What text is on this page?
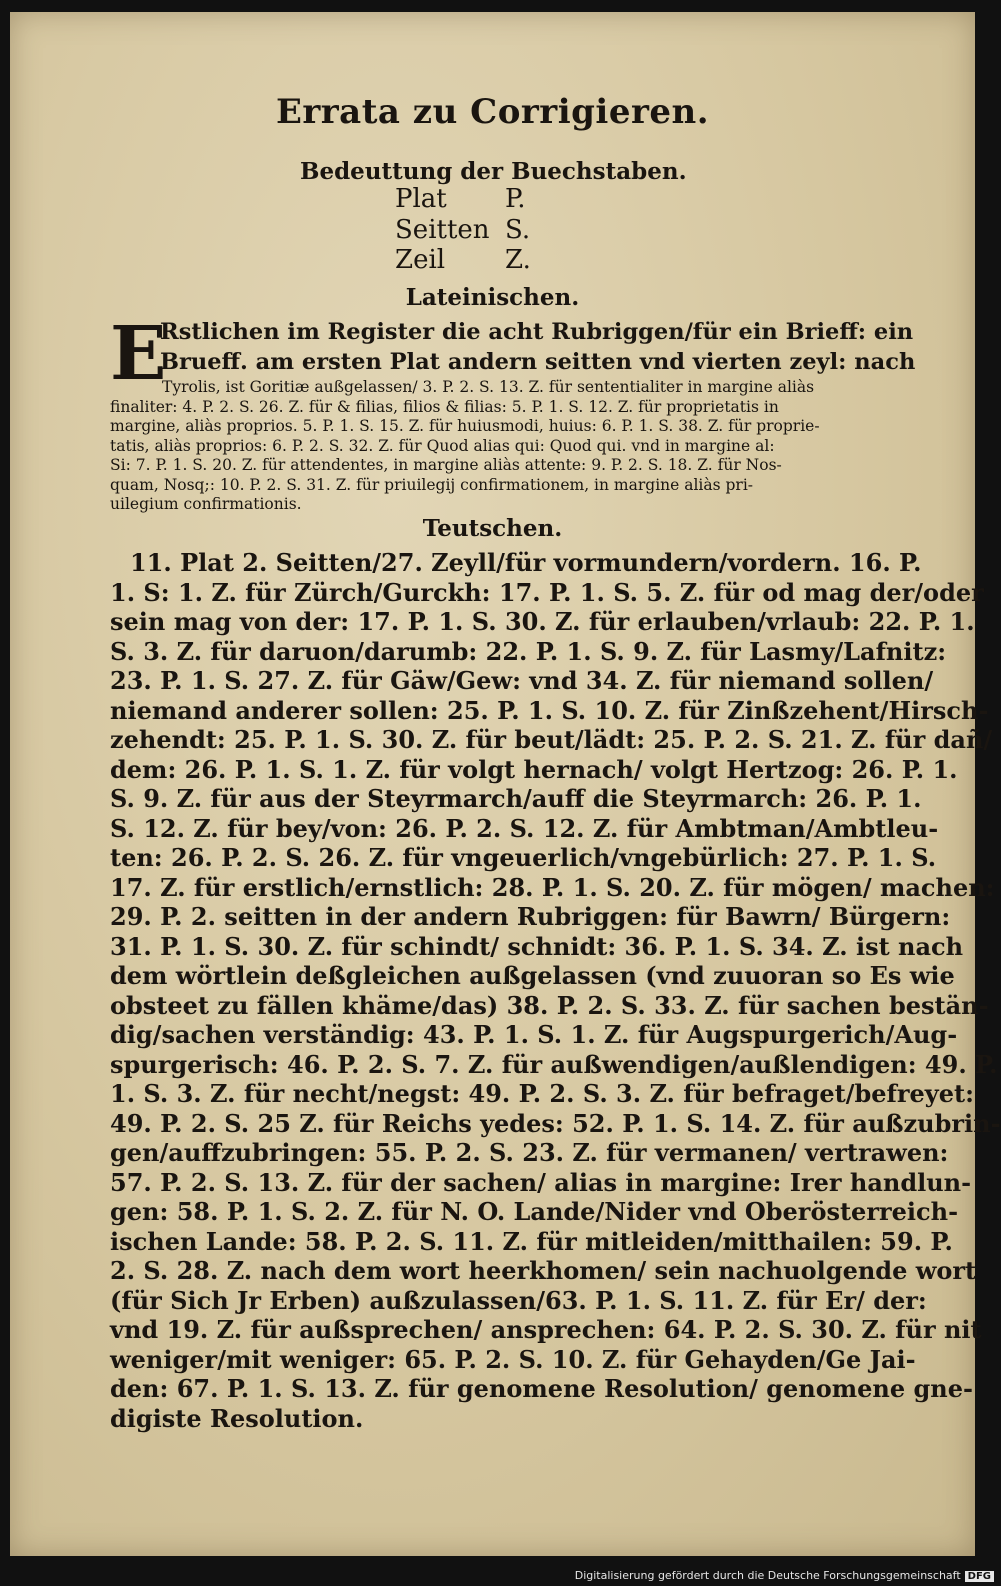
Errata zu Corrigieren.
Bedeuttung der Buechstaben.
Plat P.
Seitten S.
Zeil Z.
Lateinischen.
E
Rstlichen im Register die acht Rubriggen/für ein Brieff: ein
Brueff. am ersten Plat andern seitten vnd vierten zeyl: nach
Tyrolis, ist Goritiæ außgelassen/ 3. P. 2. S. 13. Z. für sententialiter in margine aliàs
finaliter: 4. P. 2. S. 26. Z. für & filias, filios & filias: 5. P. 1. S. 12. Z. für proprietatis in
margine, aliàs proprios. 5. P. 1. S. 15. Z. für huiusmodi, huius: 6. P. 1. S. 38. Z. für proprie-
tatis, aliàs proprios: 6. P. 2. S. 32. Z. für Quod alias qui: Quod qui. vnd in margine al:
Si: 7. P. 1. S. 20. Z. für attendentes, in margine aliàs attente: 9. P. 2. S. 18. Z. für Nos-
quam, Nosq;: 10. P. 2. S. 31. Z. für priuilegij confirmationem, in margine aliàs pri-
uilegium confirmationis.
Teutschen.
11. Plat 2. Seitten/27. Zeyll/für vormundern/vordern. 16. P.
1. S: 1. Z. für Zürch/Gurckh: 17. P. 1. S. 5. Z. für od mag der/oder
sein mag von der: 17. P. 1. S. 30. Z. für erlauben/vrlaub: 22. P. 1.
S. 3. Z. für daruon/darumb: 22. P. 1. S. 9. Z. für Lasmy/Lafnitz:
23. P. 1. S. 27. Z. für Gäw/Gew: vnd 34. Z. für niemand sollen/
niemand anderer sollen: 25. P. 1. S. 10. Z. für Zinßzehent/Hirsch-
zehendt: 25. P. 1. S. 30. Z. für beut/lädt: 25. P. 2. S. 21. Z. für dañ/
dem: 26. P. 1. S. 1. Z. für volgt hernach/ volgt Hertzog: 26. P. 1.
S. 9. Z. für aus der Steyrmarch/auff die Steyrmarch: 26. P. 1.
S. 12. Z. für bey/von: 26. P. 2. S. 12. Z. für Ambtman/Ambtleu-
ten: 26. P. 2. S. 26. Z. für vngeuerlich/vngebürlich: 27. P. 1. S.
17. Z. für erstlich/ernstlich: 28. P. 1. S. 20. Z. für mögen/ machen:
29. P. 2. seitten in der andern Rubriggen: für Bawrn/ Bürgern:
31. P. 1. S. 30. Z. für schindt/ schnidt: 36. P. 1. S. 34. Z. ist nach
dem wörtlein deßgleichen außgelassen (vnd zuuoran so Es wie
obsteet zu fällen khäme/das) 38. P. 2. S. 33. Z. für sachen bestän-
dig/sachen verständig: 43. P. 1. S. 1. Z. für Augspurgerich/Aug-
spurgerisch: 46. P. 2. S. 7. Z. für außwendigen/außlendigen: 49. P.
1. S. 3. Z. für necht/negst: 49. P. 2. S. 3. Z. für befraget/befreyet:
49. P. 2. S. 25 Z. für Reichs yedes: 52. P. 1. S. 14. Z. für außzubrin-
gen/auffzubringen: 55. P. 2. S. 23. Z. für vermanen/ vertrawen:
57. P. 2. S. 13. Z. für der sachen/ alias in margine: Irer handlun-
gen: 58. P. 1. S. 2. Z. für N. O. Lande/Nider vnd Oberösterreich-
ischen Lande: 58. P. 2. S. 11. Z. für mitleiden/mitthailen: 59. P.
2. S. 28. Z. nach dem wort heerkhomen/ sein nachuolgende wort
(für Sich Jr Erben) außzulassen/63. P. 1. S. 11. Z. für Er/ der:
vnd 19. Z. für außsprechen/ ansprechen: 64. P. 2. S. 30. Z. für nit
weniger/mit weniger: 65. P. 2. S. 10. Z. für Gehayden/Ge Jai-
den: 67. P. 1. S. 13. Z. für genomene Resolution/ genomene gne-
digiste Resolution.
Digitalisierung gefördert durch die Deutsche Forschungsgemeinschaft DFG
